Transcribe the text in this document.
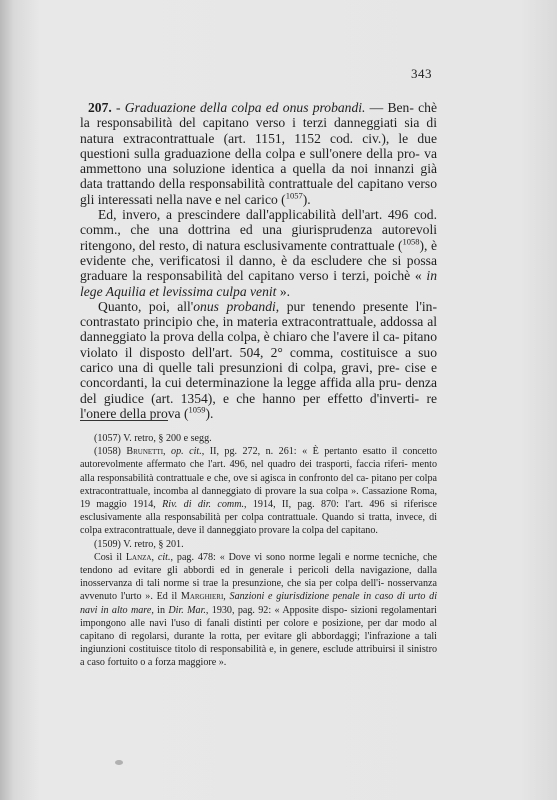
343

207. - Graduazione della colpa ed onus probandi. — Ben- chè la responsabilità del capitano verso i terzi danneggiati sia di natura extracontrattuale (art. 1151, 1152 cod. civ.), le due questioni sulla graduazione della colpa e sull'onere della pro- va ammettono una soluzione identica a quella da noi innanzi già data trattando della responsabilità contrattuale del capitano verso gli interessati nella nave e nel carico ($^{1057}$).

Ed, invero, a prescindere dall'applicabilità dell'art. 496 cod. comm., che una dottrina ed una giurisprudenza autorevoli ritengono, del resto, di natura esclusivamente contrattuale ($^{1058}$), è evidente che, verificatosi il danno, è da escludere che si possa graduare la responsabilità del capitano verso i terzi, poichè « in lege Aquilia et levissima culpa venit ».

Quanto, poi, all'onus probandi, pur tenendo presente l'in- contrastato principio che, in materia extracontrattuale, addossa al danneggiato la prova della colpa, è chiaro che l'avere il ca- pitano violato il disposto dell'art. 504, 2° comma, costituisce a suo carico una di quelle tali presunzioni di colpa, gravi, pre- cise e concordanti, la cui determinazione la legge affida alla pru- denza del giudice (art. 1354), e che hanno per effetto d'inverti- re l'onere della prova ($^{1059}$).

(1057) V. retro, § 200 e segg.

(1058) Brunetti, op. cit., II, pg. 272, n. 261: « È pertanto esatto il concetto autorevolmente affermato che l'art. 496, nel quadro dei trasporti, faccia riferi- mento alla responsabilità contrattuale e che, ove si agisca in confronto del ca- pitano per colpa extracontrattuale, incomba al danneggiato di provare la sua colpa ». Cassazione Roma, 19 maggio 1914, Riv. di dir. comm., 1914, II, pag. 870: l'art. 496 si riferisce esclusivamente alla responsabilità per colpa contrattuale. Quando si tratta, invece, di colpa extracontrattuale, deve il danneggiato provare la colpa del capitano.

(1509) V. retro, § 201.

Così il Lanza, cit., pag. 478: « Dove vi sono norme legali e norme tecniche, che tendono ad evitare gli abbordi ed in generale i pericoli della navigazione, dalla inosservanza di tali norme si trae la presunzione, che sia per colpa dell'i- nosservanza avvenuto l'urto ». Ed il Marghieri, Sanzioni e giurisdizione penale in caso di urto di navi in alto mare, in Dir. Mar., 1930, pag. 92: « Apposite dispo- sizioni regolamentari impongono alle navi l'uso di fanali distinti per colore e posizione, per dar modo al capitano di regolarsi, durante la rotta, per evitare gli abbordaggi; l'infrazione a tali ingiunzioni costituisce titolo di responsabilità e, in genere, esclude attribuirsi il sinistro a caso fortuito o a forza maggiore ».
